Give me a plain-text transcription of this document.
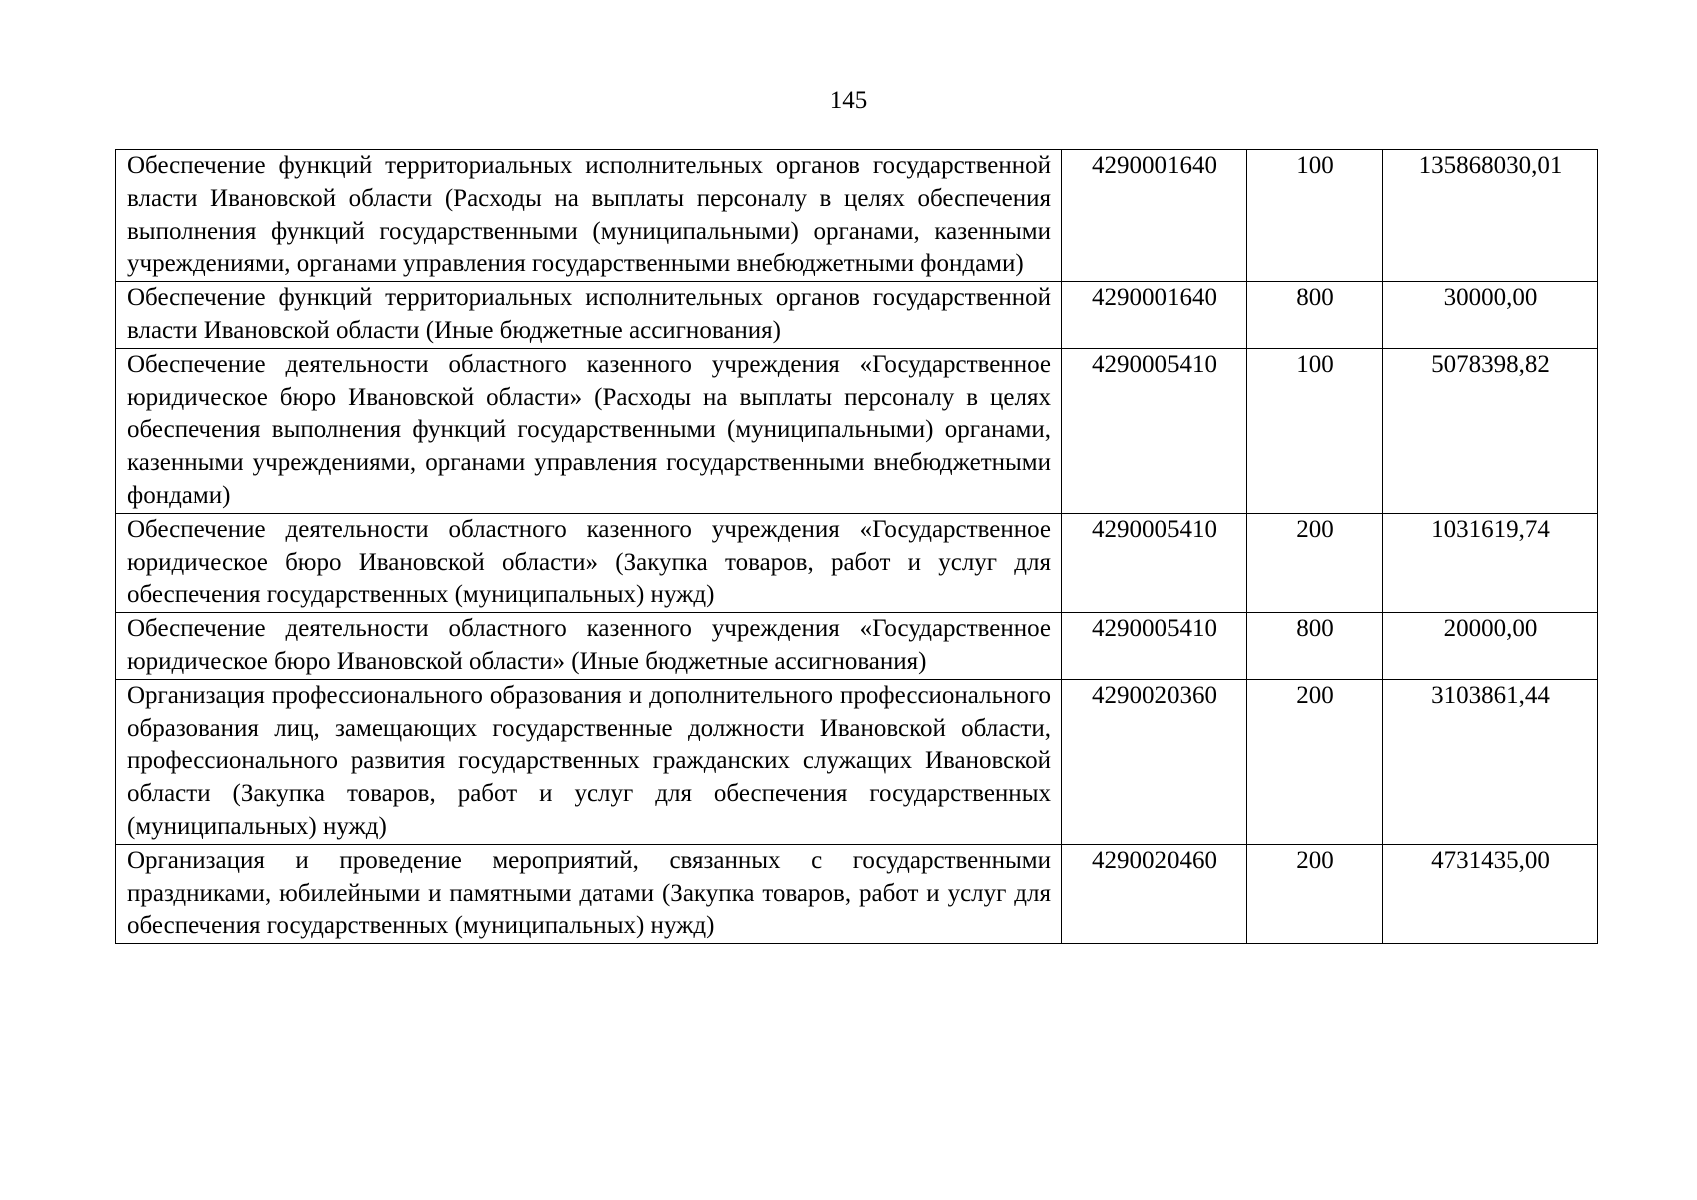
145
Обеспечение функций территориальных исполнительных органов государственной власти Ивановской области (Расходы на выплаты персоналу в целях обеспечения выполнения функций государственными (муниципальными) органами, казенными учреждениями, органами управления государственными внебюджетными фондами)	4290001640	100	135868030,01
Обеспечение функций территориальных исполнительных органов государственной власти Ивановской области (Иные бюджетные ассигнования)	4290001640	800	30000,00
Обеспечение деятельности областного казенного учреждения «Государственное юридическое бюро Ивановской области» (Расходы на выплаты персоналу в целях обеспечения выполнения функций государственными (муниципальными) органами, казенными учреждениями, органами управления государственными внебюджетными фондами)	4290005410	100	5078398,82
Обеспечение деятельности областного казенного учреждения «Государственное юридическое бюро Ивановской области» (Закупка товаров, работ и услуг для обеспечения государственных (муниципальных) нужд)	4290005410	200	1031619,74
Обеспечение деятельности областного казенного учреждения «Государственное юридическое бюро Ивановской области» (Иные бюджетные ассигнования)	4290005410	800	20000,00
Организация профессионального образования и дополнительного профессионального образования лиц, замещающих государственные должности Ивановской области, профессионального развития государственных гражданских служащих Ивановской области (Закупка товаров, работ и услуг для обеспечения государственных (муниципальных) нужд)	4290020360	200	3103861,44
Организация и проведение мероприятий, связанных с государственными праздниками, юбилейными и памятными датами (Закупка товаров, работ и услуг для обеспечения государственных (муниципальных) нужд)	4290020460	200	4731435,00
